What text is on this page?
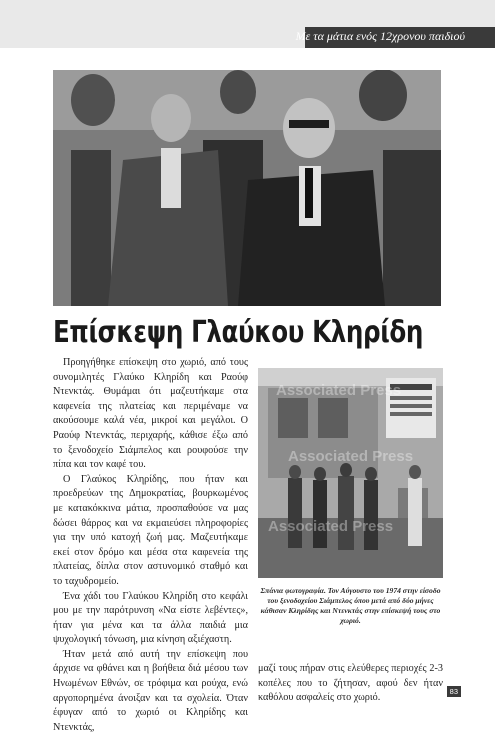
Με τα μάτια ενός 12χρονου παιδιού
Επίσκεψη Γλαύκου Κληρίδη

Προηγήθηκε επίσκεψη στο χωριό, από τους συνομιλητές Γλαύκο Κληρίδη και Ραούφ Ντενκτάς. Θυμάμαι ότι μαζευτήκαμε στα καφενεία της πλατείας και περιμέναμε να ακούσουμε καλά νέα, μικροί και μεγάλοι. Ο Ραούφ Ντενκτάς, περιχαρής, κάθισε έξω από το ξενοδοχείο Σιάμπελος και ρουφούσε την πίπα και τον καφέ του.

Ο Γλαύκος Κληρίδης, που ήταν και προεδρεύων της Δημοκρατίας, βουρκωμένος με κατακόκκινα μάτια, προσπαθούσε να μας δώσει θάρρος και να εκμαιεύσει πληροφορίες για την υπό κατοχή ζωή μας. Μαζευτήκαμε εκεί στον δρόμο και μέσα στα καφενεία της πλατείας, δίπλα στον αστυνομικό σταθμό και το ταχυδρομείο.

Ένα χάδι του Γλαύκου Κληρίδη στο κεφάλι μου με την παρότρυνση «Να είστε λεβέντες», ήταν για μένα και τα άλλα παιδιά μια ψυχολογική τόνωση, μια κίνηση αξιέχαστη.

Ήταν μετά από αυτή την επίσκεψη που άρχισε να φθάνει και η βοήθεια διά μέσου των Ηνωμένων Εθνών, σε τρόφιμα και ρούχα, ενώ αργοπορημένα άνοιξαν και τα σχολεία. Όταν έφυγαν από το χωριό οι Κληρίδης και Ντενκτάς,

Associated Press
Associated Press
Associated Press
Σπάνια φωτογραφία. Τον Αύγουστο του 1974 στην είσοδο του ξενοδοχείου Σιάμπελος όπου μετά από δύο μήνες κάθισαν Κληρίδης και Ντενκτάς στην επίσκεψή τους στο χωριό.

μαζί τους πήραν στις ελεύθερες περιοχές 2-3 κοπέλες που το ζήτησαν, αφού δεν ήταν καθόλου ασφαλείς στο χωριό.

83
